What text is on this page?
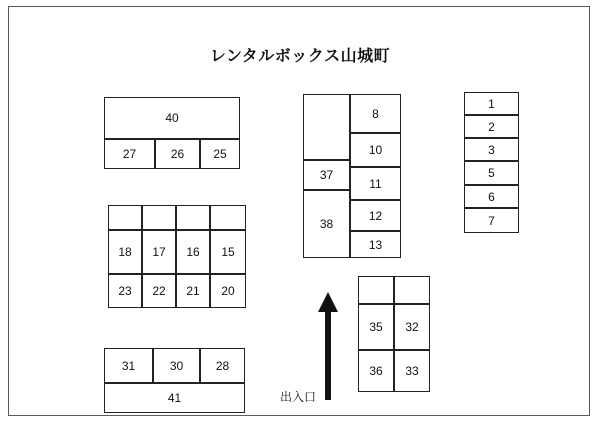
レンタルボックス山城町
40
27	26 25
18 17 16 15
23 22 21 20
31	30	28
41
37
38
8
10
11
12
13
1
2
3
5
6
7
35 32
36 33
出入口
